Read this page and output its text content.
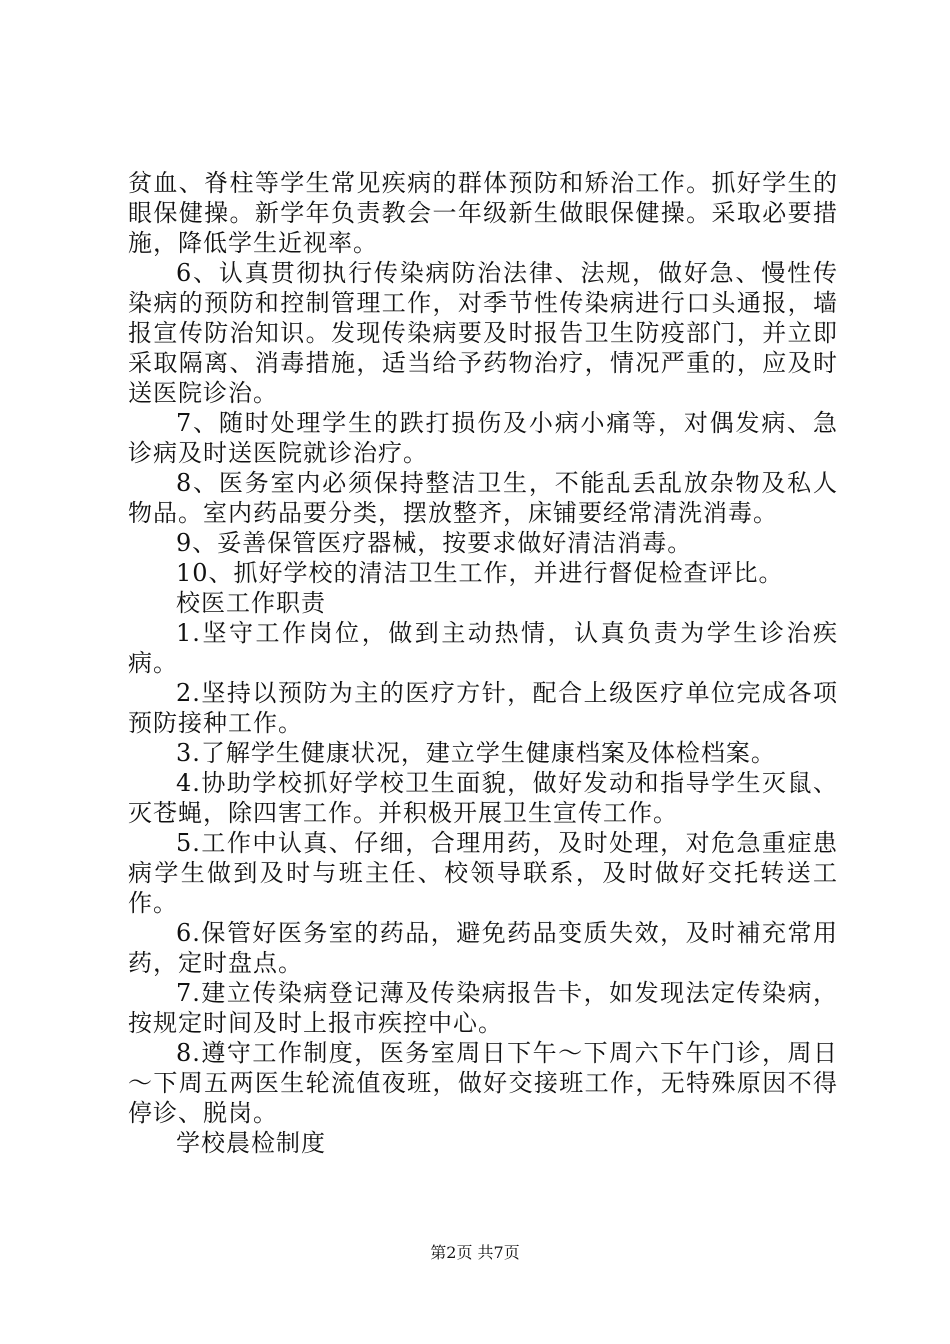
贫血、脊柱等学生常见疾病的群体预防和矫治工作。抓好学生的眼保健操。新学年负责教会一年级新生做眼保健操。采取必要措施，降低学生近视率。

6、认真贯彻执行传染病防治法律、法规，做好急、慢性传染病的预防和控制管理工作，对季节性传染病进行口头通报，墙报宣传防治知识。发现传染病要及时报告卫生防疫部门，并立即采取隔离、消毒措施，适当给予药物治疗，情况严重的，应及时送医院诊治。

7、随时处理学生的跌打损伤及小病小痛等，对偶发病、急诊病及时送医院就诊治疗。

8、医务室内必须保持整洁卫生，不能乱丢乱放杂物及私人物品。室内药品要分类，摆放整齐，床铺要经常清洗消毒。

9、妥善保管医疗器械，按要求做好清洁消毒。

10、抓好学校的清洁卫生工作，并进行督促检查评比。

校医工作职责

1.坚守工作岗位，做到主动热情，认真负责为学生诊治疾病。

2.坚持以预防为主的医疗方针，配合上级医疗单位完成各项预防接种工作。

3.了解学生健康状况，建立学生健康档案及体检档案。

4.协助学校抓好学校卫生面貌，做好发动和指导学生灭鼠、灭苍蝇，除四害工作。并积极开展卫生宣传工作。

5.工作中认真、仔细，合理用药，及时处理，对危急重症患病学生做到及时与班主任、校领导联系，及时做好交托转送工作。

6.保管好医务室的药品，避免药品变质失效，及时補充常用药，定时盘点。

7.建立传染病登记薄及传染病报告卡，如发现法定传染病，按规定时间及时上报市疾控中心。

8.遵守工作制度，医务室周日下午～下周六下午门诊，周日～下周五两医生轮流值夜班，做好交接班工作，无特殊原因不得停诊、脱岗。

学校晨检制度

第2页 共7页
